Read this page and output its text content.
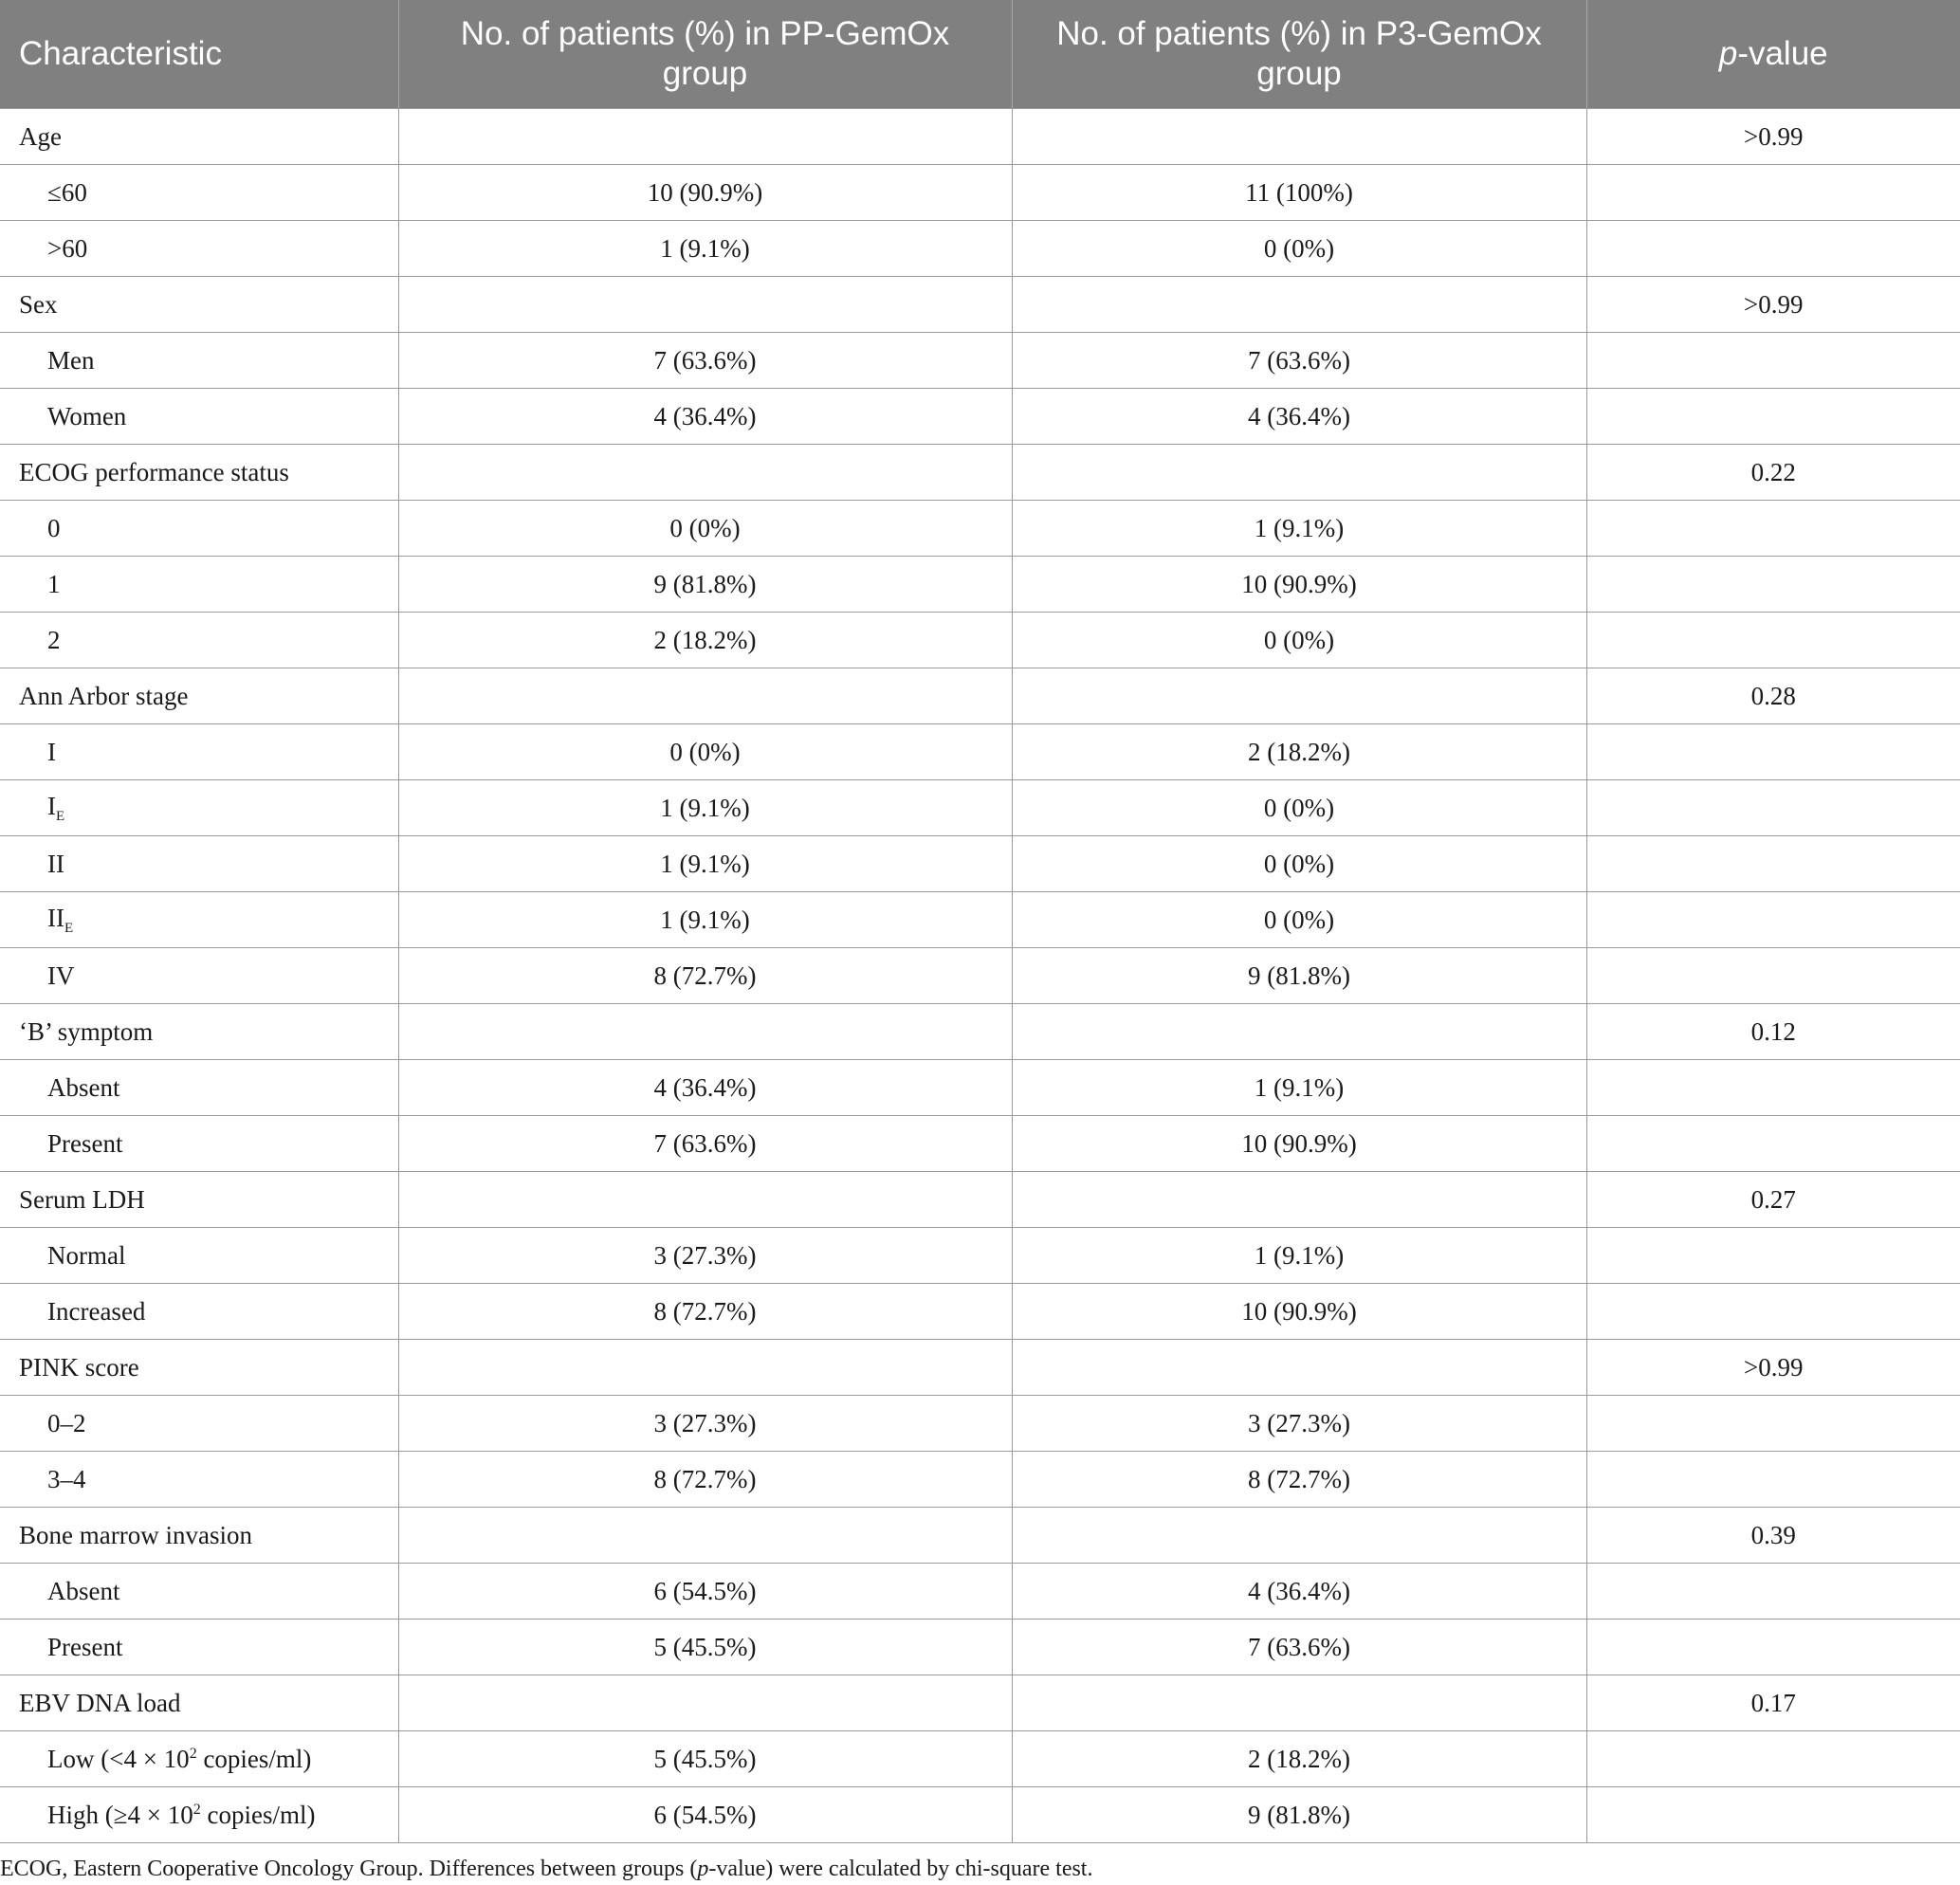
Characteristic	No. of patients (%) in PP-GemOx group	No. of patients (%) in P3-GemOx group	p-value
Age			>0.99
≤60	10 (90.9%)	11 (100%)	
>60	1 (9.1%)	0 (0%)	
Sex			>0.99
Men	7 (63.6%)	7 (63.6%)	
Women	4 (36.4%)	4 (36.4%)	
ECOG performance status			0.22
0	0 (0%)	1 (9.1%)	
1	9 (81.8%)	10 (90.9%)	
2	2 (18.2%)	0 (0%)	
Ann Arbor stage			0.28
I	0 (0%)	2 (18.2%)	
$I_E$	1 (9.1%)	0 (0%)	
II	1 (9.1%)	0 (0%)	
$II_E$	1 (9.1%)	0 (0%)	
IV	8 (72.7%)	9 (81.8%)	
‘B’ symptom			0.12
Absent	4 (36.4%)	1 (9.1%)	
Present	7 (63.6%)	10 (90.9%)	
Serum LDH			0.27
Normal	3 (27.3%)	1 (9.1%)	
Increased	8 (72.7%)	10 (90.9%)	
PINK score			>0.99
0–2	3 (27.3%)	3 (27.3%)	
3–4	8 (72.7%)	8 (72.7%)	
Bone marrow invasion			0.39
Absent	6 (54.5%)	4 (36.4%)	
Present	5 (45.5%)	7 (63.6%)	
EBV DNA load			0.17
Low ($<4 \times 10^2$ copies/ml)	5 (45.5%)	2 (18.2%)	
High ($\ge 4 \times 10^2$ copies/ml)	6 (54.5%)	9 (81.8%)	
ECOG, Eastern Cooperative Oncology Group. Differences between groups (p-value) were calculated by chi-square test.
